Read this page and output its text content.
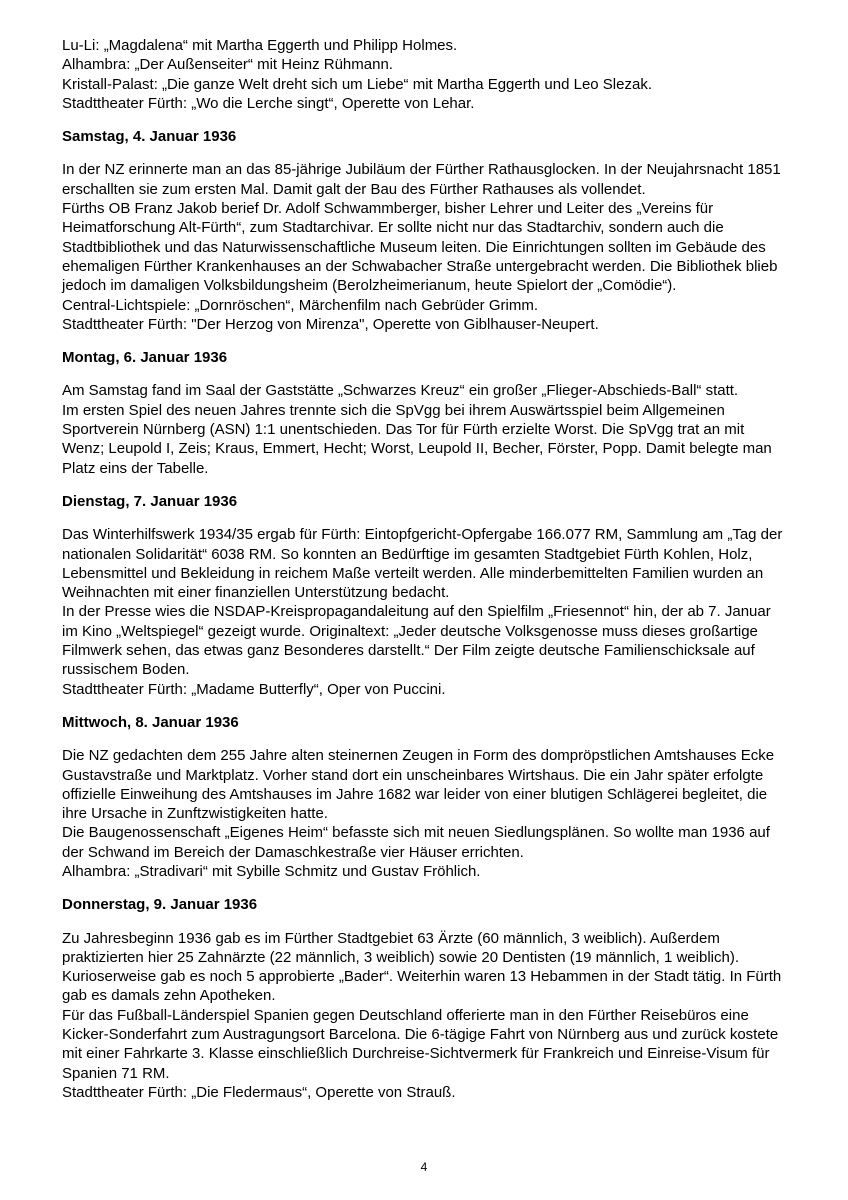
Lu-Li: „Magdalena“ mit Martha Eggerth und Philipp Holmes.

Alhambra: „Der Außenseiter“ mit Heinz Rühmann.

Kristall-Palast: „Die ganze Welt dreht sich um Liebe“ mit Martha Eggerth und Leo Slezak.

Stadttheater Fürth: „Wo die Lerche singt“, Operette von Lehar.

Samstag, 4. Januar 1936

In der NZ erinnerte man an das 85-jährige Jubiläum der Fürther Rathausglocken. In der Neujahrsnacht 1851 erschallten sie zum ersten Mal. Damit galt der Bau des Fürther Rathauses als vollendet.

Fürths OB Franz Jakob berief Dr. Adolf Schwammberger, bisher Lehrer und Leiter des „Vereins für Heimatforschung Alt-Fürth“, zum Stadtarchivar. Er sollte nicht nur das Stadtarchiv, sondern auch die Stadtbibliothek und das Naturwissenschaftliche Museum leiten. Die Einrichtungen sollten im Gebäude des ehemaligen Fürther Krankenhauses an der Schwabacher Straße untergebracht werden. Die Bibliothek blieb jedoch im damaligen Volksbildungsheim (Berolzheimerianum, heute Spielort der „Comödie“).

Central-Lichtspiele: „Dornröschen“, Märchenfilm nach Gebrüder Grimm.

Stadttheater Fürth: "Der Herzog von Mirenza", Operette von Giblhauser-Neupert.

Montag, 6. Januar 1936

Am Samstag fand im Saal der Gaststätte „Schwarzes Kreuz“ ein großer „Flieger-Abschieds-Ball“ statt.

Im ersten Spiel des neuen Jahres trennte sich die SpVgg bei ihrem Auswärtsspiel beim Allgemeinen Sportverein Nürnberg (ASN) 1:1 unentschieden. Das Tor für Fürth erzielte Worst. Die SpVgg trat an mit Wenz; Leupold I, Zeis; Kraus, Emmert, Hecht; Worst, Leupold II, Becher, Förster, Popp. Damit belegte man Platz eins der Tabelle.

Dienstag, 7. Januar 1936

Das Winterhilfswerk 1934/35 ergab für Fürth: Eintopfgericht-Opfergabe 166.077 RM, Sammlung am „Tag der nationalen Solidarität“ 6038 RM. So konnten an Bedürftige im gesamten Stadtgebiet Fürth Kohlen, Holz, Lebensmittel und Bekleidung in reichem Maße verteilt werden. Alle minderbemittelten Familien wurden an Weihnachten mit einer finanziellen Unterstützung bedacht.

In der Presse wies die NSDAP-Kreispropagandaleitung auf den Spielfilm „Friesennot“ hin, der ab 7. Januar im Kino „Weltspiegel“ gezeigt wurde. Originaltext: „Jeder deutsche Volksgenosse muss dieses großartige Filmwerk sehen, das etwas ganz Besonderes darstellt.“ Der Film zeigte deutsche Familienschicksale auf russischem Boden.

Stadttheater Fürth: „Madame Butterfly“, Oper von Puccini.

Mittwoch, 8. Januar 1936

Die NZ gedachten dem 255 Jahre alten steinernen Zeugen in Form des dompröpstlichen Amtshauses Ecke Gustavstraße und Marktplatz. Vorher stand dort ein unscheinbares Wirtshaus. Die ein Jahr später erfolgte offizielle Einweihung des Amtshauses im Jahre 1682 war leider von einer blutigen Schlägerei begleitet, die ihre Ursache in Zunftzwistigkeiten hatte.

Die Baugenossenschaft „Eigenes Heim“ befasste sich mit neuen Siedlungsplänen. So wollte man 1936 auf der Schwand im Bereich der Damaschkestraße vier Häuser errichten.

Alhambra: „Stradivari“ mit Sybille Schmitz und Gustav Fröhlich.

Donnerstag, 9. Januar 1936

Zu Jahresbeginn 1936 gab es im Fürther Stadtgebiet 63 Ärzte (60 männlich, 3 weiblich). Außerdem praktizierten hier 25 Zahnärzte (22 männlich, 3 weiblich) sowie 20 Dentisten (19 männlich, 1 weiblich). Kurioserweise gab es noch 5 approbierte „Bader“. Weiterhin waren 13 Hebammen in der Stadt tätig. In Fürth gab es damals zehn Apotheken.

Für das Fußball-Länderspiel Spanien gegen Deutschland offerierte man in den Fürther Reisebüros eine Kicker-Sonderfahrt zum Austragungsort Barcelona. Die 6-tägige Fahrt von Nürnberg aus und zurück kostete mit einer Fahrkarte 3. Klasse einschließlich Durchreise-Sichtvermerk für Frankreich und Einreise-Visum für Spanien 71 RM.

Stadttheater Fürth: „Die Fledermaus“, Operette von Strauß.

4
